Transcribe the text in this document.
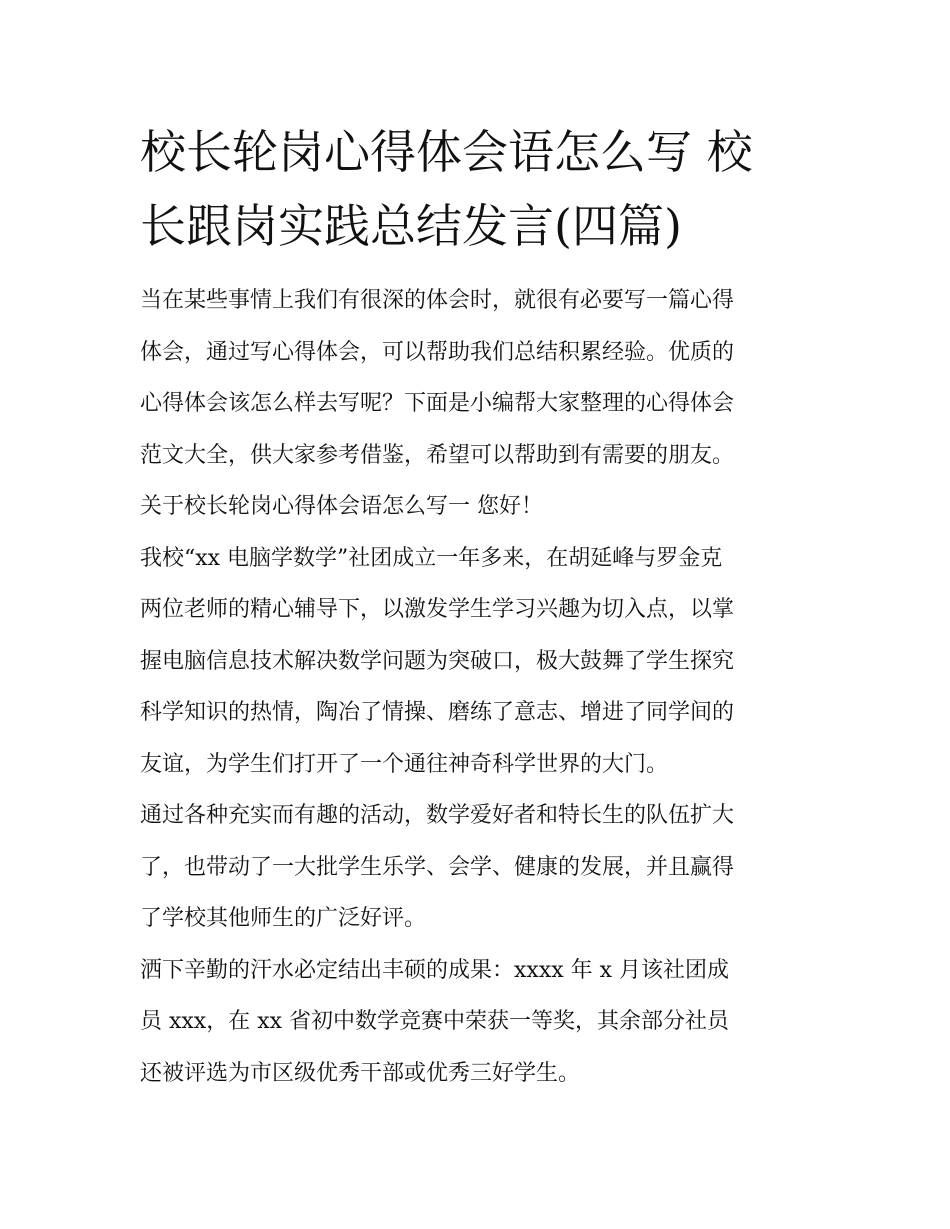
校长轮岗心得体会语怎么写 校
长跟岗实践总结发言(四篇)
当在某些事情上我们有很深的体会时，就很有必要写一篇心得
体会，通过写心得体会，可以帮助我们总结积累经验。优质的
心得体会该怎么样去写呢？下面是小编帮大家整理的心得体会
范文大全，供大家参考借鉴，希望可以帮助到有需要的朋友。
关于校长轮岗心得体会语怎么写一 您好！
我校“xx 电脑学数学”社团成立一年多来，在胡延峰与罗金克
两位老师的精心辅导下，以激发学生学习兴趣为切入点，以掌
握电脑信息技术解决数学问题为突破口，极大鼓舞了学生探究
科学知识的热情，陶冶了情操、磨练了意志、增进了同学间的
友谊，为学生们打开了一个通往神奇科学世界的大门。
通过各种充实而有趣的活动，数学爱好者和特长生的队伍扩大
了，也带动了一大批学生乐学、会学、健康的发展，并且赢得
了学校其他师生的广泛好评。
洒下辛勤的汗水必定结出丰硕的成果：xxxx 年 x 月该社团成
员 xxx，在 xx 省初中数学竞赛中荣获一等奖，其余部分社员
还被评选为市区级优秀干部或优秀三好学生。
